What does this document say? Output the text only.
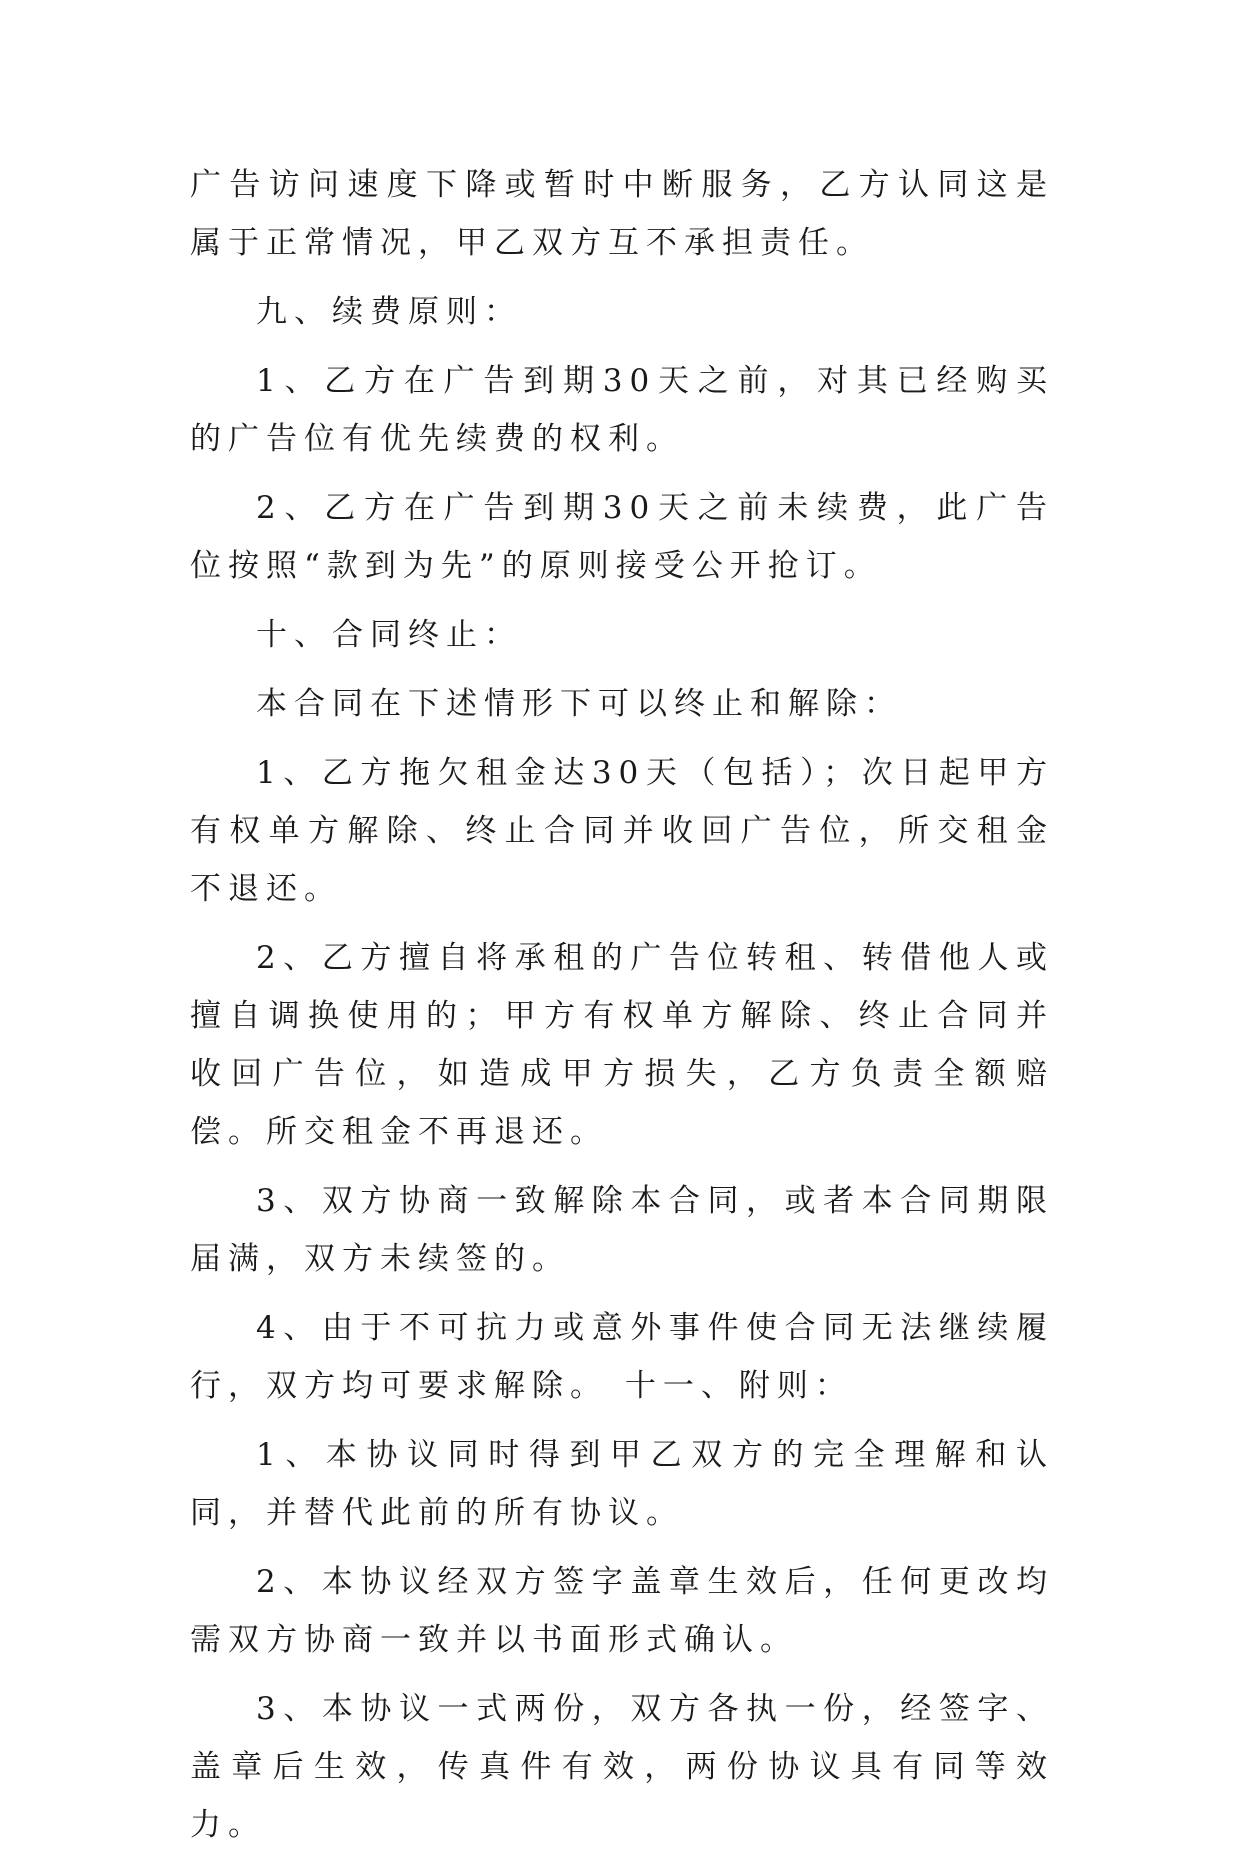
广告访问速度下降或暂时中断服务，乙方认同这是属于正常情况，甲乙双方互不承担责任。

九、续费原则：

1、乙方在广告到期30天之前，对其已经购买的广告位有优先续费的权利。

2、乙方在广告到期30天之前未续费，此广告位按照“款到为先”的原则接受公开抢订。

十、合同终止：

本合同在下述情形下可以终止和解除：

1、乙方拖欠租金达30天（包括）；次日起甲方有权单方解除、终止合同并收回广告位，所交租金不退还。

2、乙方擅自将承租的广告位转租、转借他人或擅自调换使用的；甲方有权单方解除、终止合同并收回广告位，如造成甲方损失，乙方负责全额赔偿。所交租金不再退还。

3、双方协商一致解除本合同，或者本合同期限届满，双方未续签的。

4、由于不可抗力或意外事件使合同无法继续履行，双方均可要求解除。 十一、附则：

1、本协议同时得到甲乙双方的完全理解和认同，并替代此前的所有协议。

2、本协议经双方签字盖章生效后，任何更改均需双方协商一致并以书面形式确认。

3、本协议一式两份，双方各执一份，经签字、盖章后生效，传真件有效，两份协议具有同等效力。
